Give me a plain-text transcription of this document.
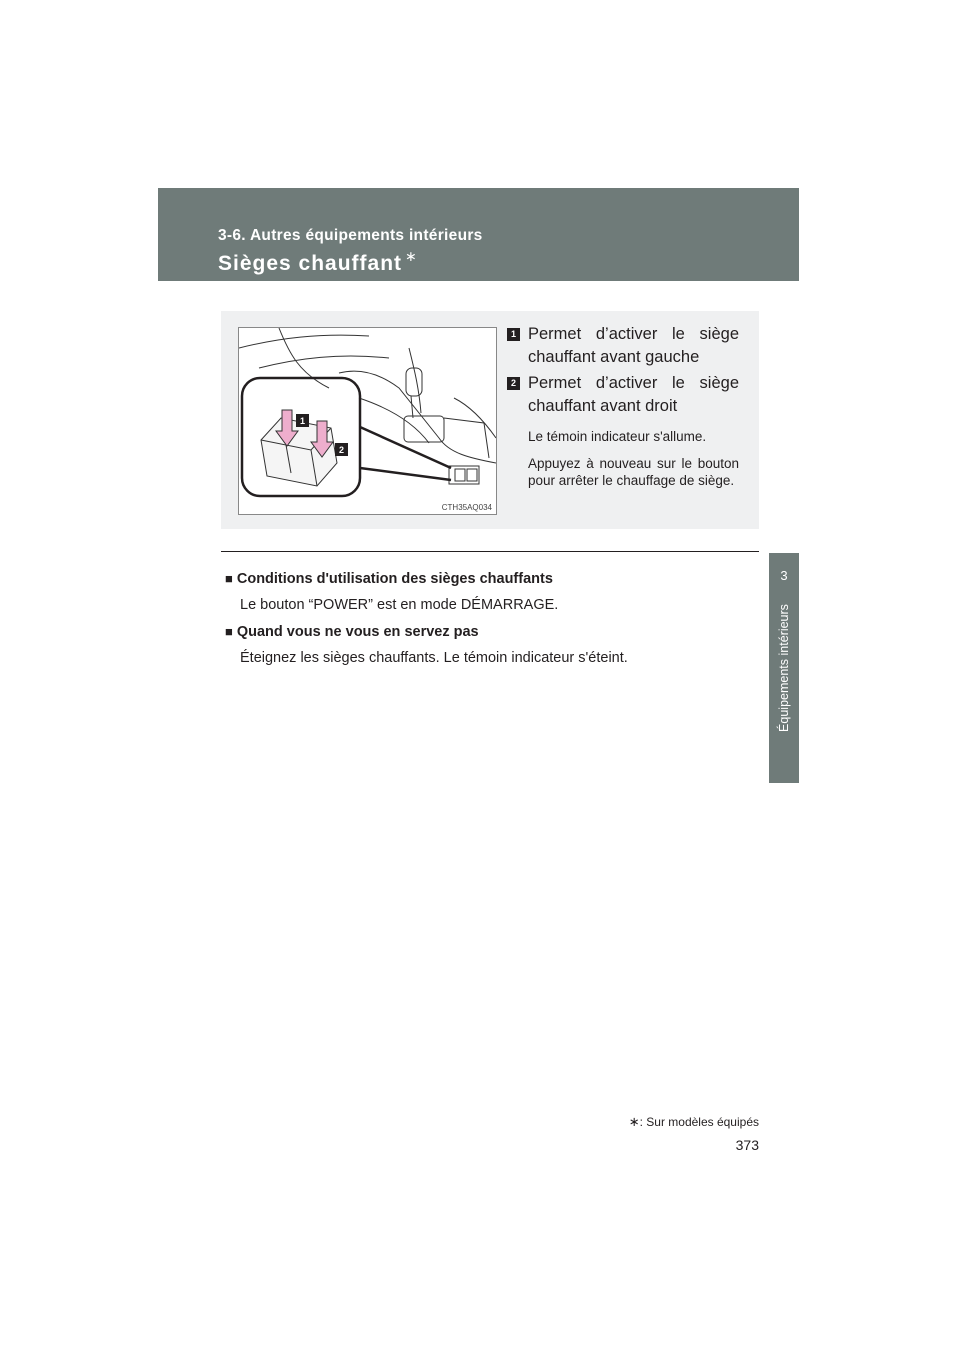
3-6. Autres équipements intérieurs
Sièges chauffant ∗
3
Équipements intérieurs
1
2
CTH35AQ034
1 Permet d’activer le siège chauffant avant gauche
2 Permet d’activer le siège chauffant avant droit
Le témoin indicateur s'allume.
Appuyez à nouveau sur le bouton pour arrêter le chauffage de siège.
■ Conditions d'utilisation des sièges chauffants
Le bouton “POWER” est en mode DÉMARRAGE.
■ Quand vous ne vous en servez pas
Éteignez les sièges chauffants. Le témoin indicateur s'éteint.
∗: Sur modèles équipés
373
